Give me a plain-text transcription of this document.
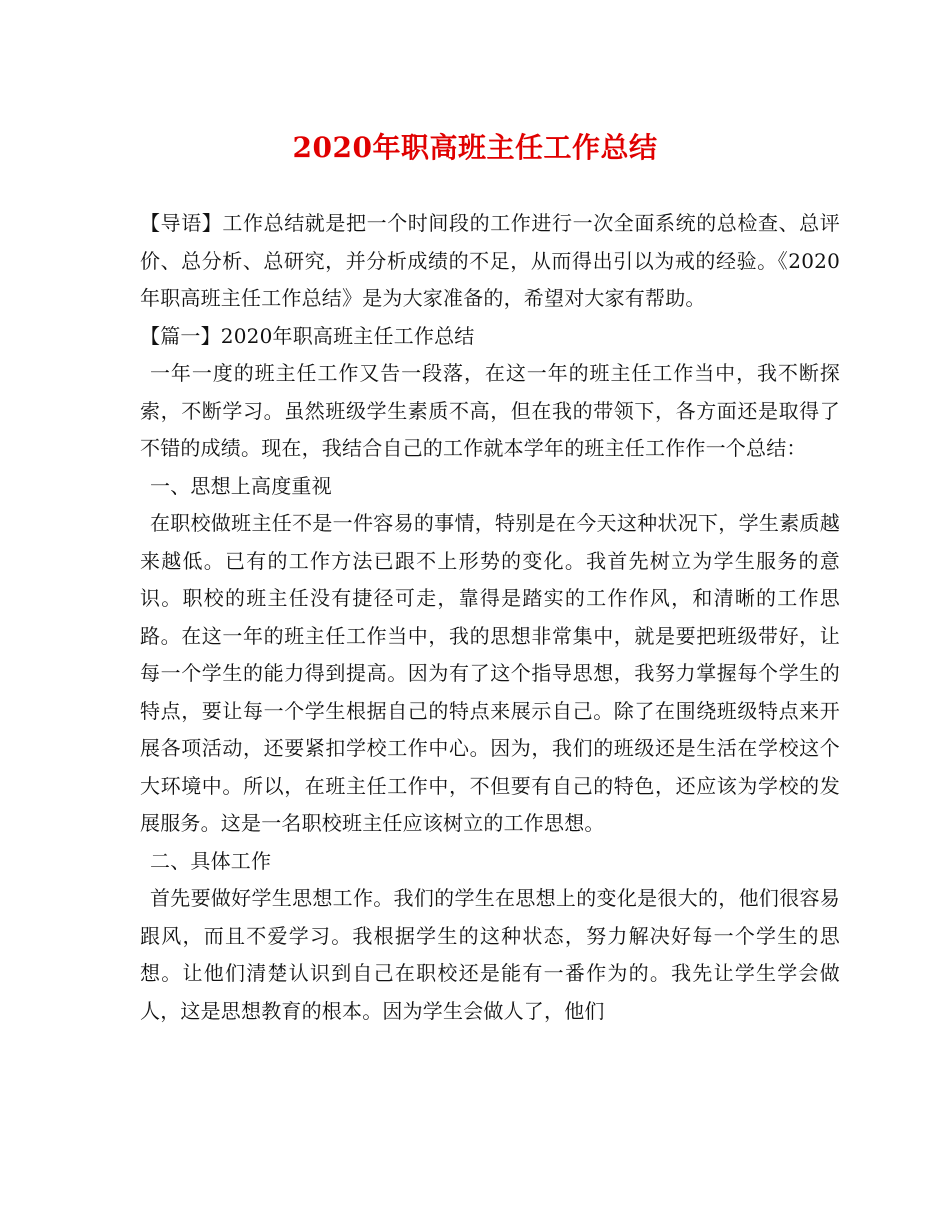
2020年职高班主任工作总结

【导语】工作总结就是把一个时间段的工作进行一次全面系统的总检查、总评价、总分析、总研究，并分析成绩的不足，从而得出引以为戒的经验。《2020年职高班主任工作总结》是为大家准备的，希望对大家有帮助。

【篇一】2020年职高班主任工作总结

一年一度的班主任工作又告一段落，在这一年的班主任工作当中，我不断探索，不断学习。虽然班级学生素质不高，但在我的带领下，各方面还是取得了不错的成绩。现在，我结合自己的工作就本学年的班主任工作作一个总结：

一、思想上高度重视

在职校做班主任不是一件容易的事情，特别是在今天这种状况下，学生素质越来越低。已有的工作方法已跟不上形势的变化。我首先树立为学生服务的意识。职校的班主任没有捷径可走，靠得是踏实的工作作风，和清晰的工作思路。在这一年的班主任工作当中，我的思想非常集中，就是要把班级带好，让每一个学生的能力得到提高。因为有了这个指导思想，我努力掌握每个学生的特点，要让每一个学生根据自己的特点来展示自己。除了在围绕班级特点来开展各项活动，还要紧扣学校工作中心。因为，我们的班级还是生活在学校这个大环境中。所以，在班主任工作中，不但要有自己的特色，还应该为学校的发展服务。这是一名职校班主任应该树立的工作思想。

二、具体工作

首先要做好学生思想工作。我们的学生在思想上的变化是很大的，他们很容易跟风，而且不爱学习。我根据学生的这种状态，努力解决好每一个学生的思想。让他们清楚认识到自己在职校还是能有一番作为的。我先让学生学会做人，这是思想教育的根本。因为学生会做人了，他们
